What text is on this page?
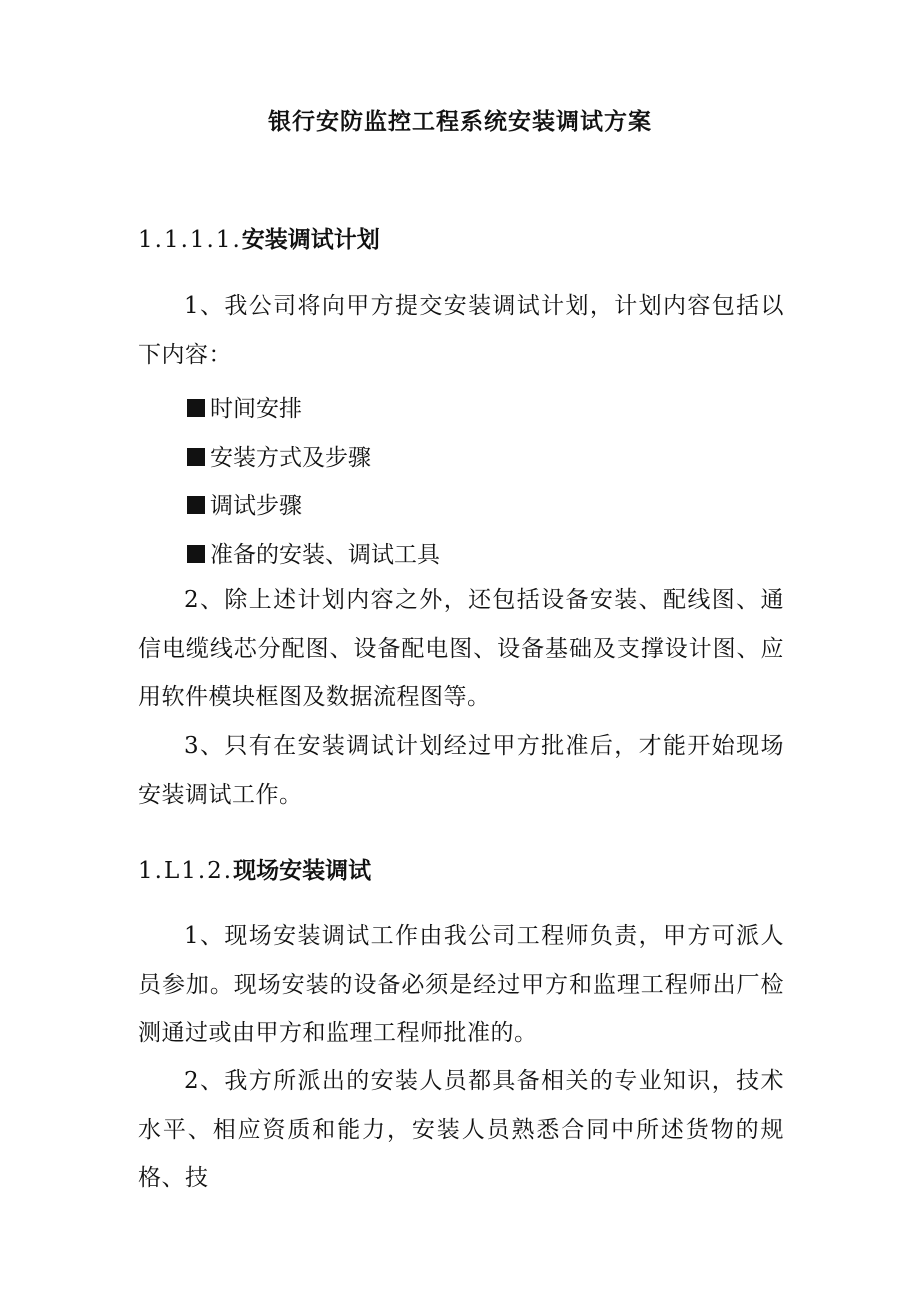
银行安防监控工程系统安装调试方案
1.1.1.1.安装调试计划
1、我公司将向甲方提交安装调试计划，计划内容包括以下内容：
时间安排
安装方式及步骤
调试步骤
准备的安装、调试工具
2、除上述计划内容之外，还包括设备安装、配线图、通信电缆线芯分配图、设备配电图、设备基础及支撑设计图、应用软件模块框图及数据流程图等。
3、只有在安装调试计划经过甲方批准后，才能开始现场安装调试工作。
1.L1.2.现场安装调试
1、现场安装调试工作由我公司工程师负责，甲方可派人员参加。现场安装的设备必须是经过甲方和监理工程师出厂检测通过或由甲方和监理工程师批准的。
2、我方所派出的安装人员都具备相关的专业知识，技术水平、相应资质和能力，安装人员熟悉合同中所述货物的规格、技
